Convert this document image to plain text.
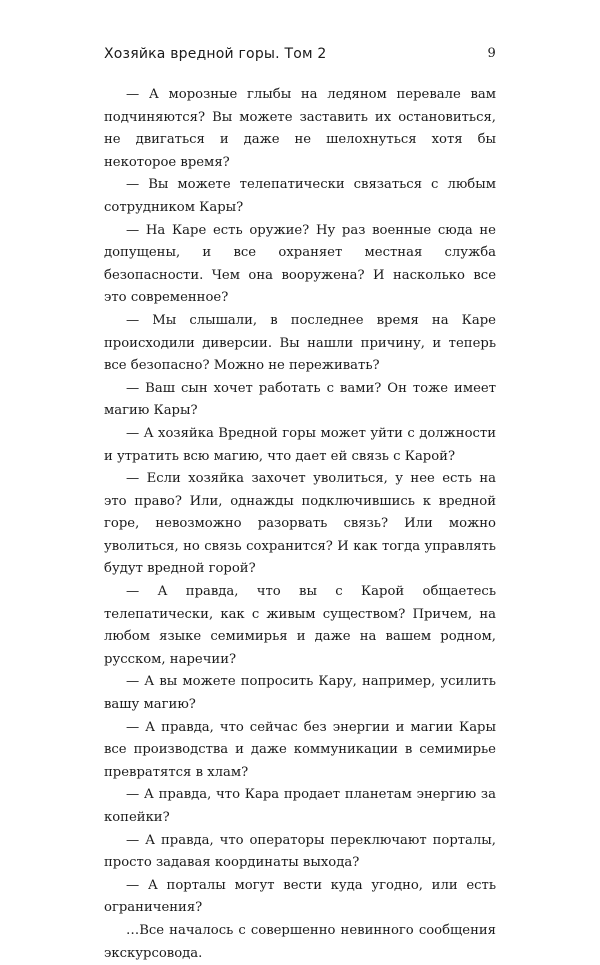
Хозяйка вредной горы. Том 2	9

— А морозные глыбы на ледяном перевале вам подчиняются? Вы можете заставить их остановиться, не двигаться и даже не шелохнуться хотя бы некоторое время?

— Вы можете телепатически связаться с любым сотрудником Кары?

— На Каре есть оружие? Ну раз военные сюда не допущены, и все охраняет местная служба безопасности. Чем она вооружена? И насколько все это современное?

— Мы слышали, в последнее время на Каре происходили диверсии. Вы нашли причину, и теперь все безопасно? Можно не переживать?

— Ваш сын хочет работать с вами? Он тоже имеет магию Кары?

— А хозяйка Вредной горы может уйти с должности и утратить всю магию, что дает ей связь с Карой?

— Если хозяйка захочет уволиться, у нее есть на это право? Или, однажды подключившись к вредной горе, невозможно разорвать связь? Или можно уволиться, но связь сохранится? И как тогда управлять будут вредной горой?

— А правда, что вы с Карой общаетесь телепатически, как с живым существом? Причем, на любом языке семимирья и даже на вашем родном, русском, наречии?

— А вы можете попросить Кару, например, усилить вашу магию?

— А правда, что сейчас без энергии и магии Кары все производства и даже коммуникации в семимирье превратятся в хлам?

— А правда, что Кара продает планетам энергию за копейки?

— А правда, что операторы переключают порталы, просто задавая координаты выхода?

— А порталы могут вести куда угодно, или есть ограничения?

…Все началось с совершенно невинного сообщения экскурсовода.
